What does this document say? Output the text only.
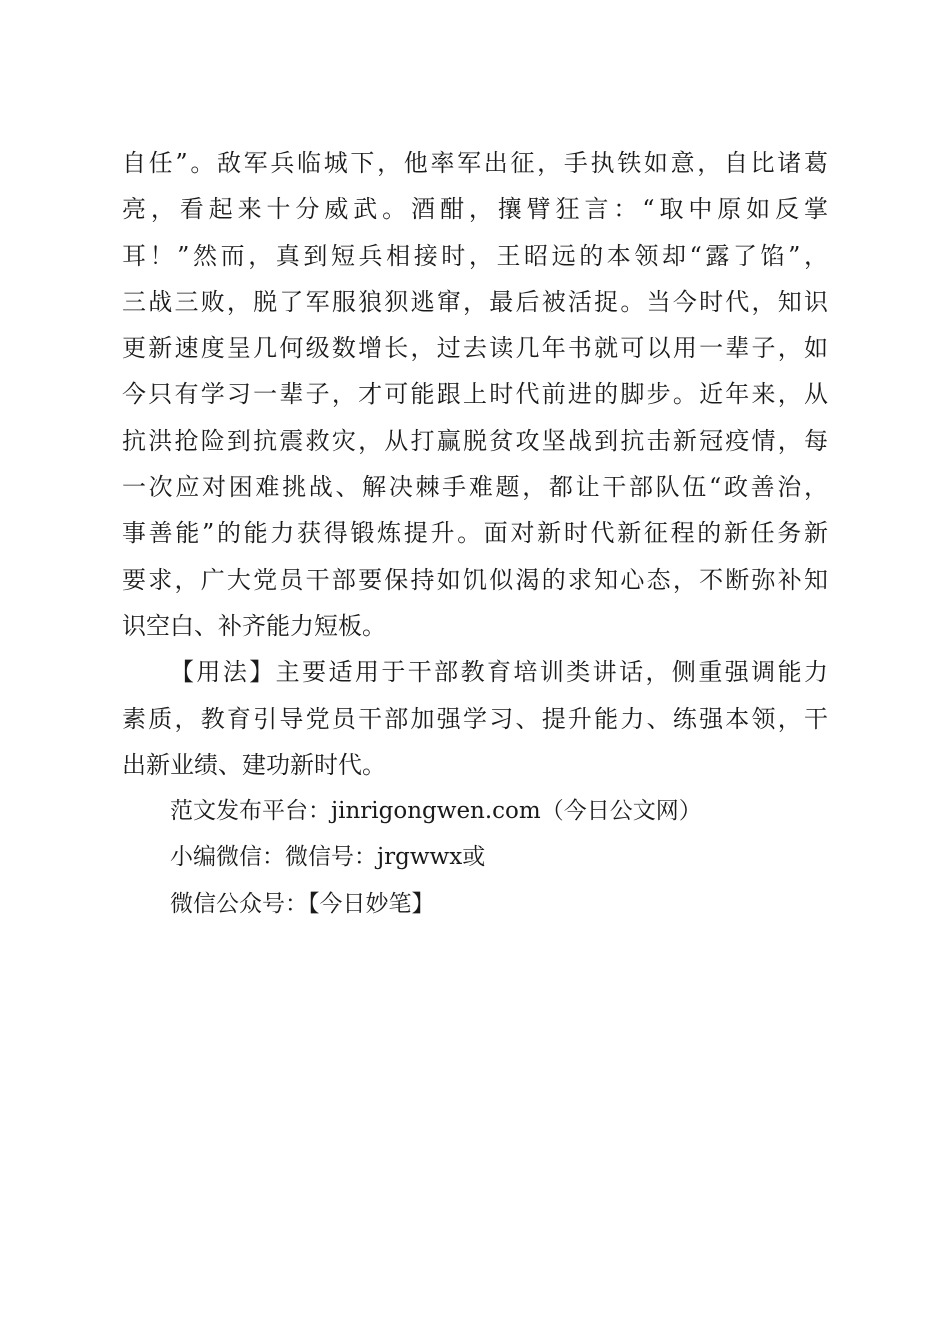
自任”。敌军兵临城下，他率军出征，手执铁如意，自比诸葛
亮，看起来十分威武。酒酣，攘臂狂言：“取中原如反掌
耳！”然而，真到短兵相接时，王昭远的本领却“露了馅”，
三战三败，脱了军服狼狈逃窜，最后被活捉。当今时代，知识
更新速度呈几何级数增长，过去读几年书就可以用一辈子，如
今只有学习一辈子，才可能跟上时代前进的脚步。近年来，从
抗洪抢险到抗震救灾，从打赢脱贫攻坚战到抗击新冠疫情，每
一次应对困难挑战、解决棘手难题，都让干部队伍“政善治，
事善能”的能力获得锻炼提升。面对新时代新征程的新任务新
要求，广大党员干部要保持如饥似渴的求知心态，不断弥补知
识空白、补齐能力短板。
【用法】主要适用于干部教育培训类讲话，侧重强调能力
素质，教育引导党员干部加强学习、提升能力、练强本领，干
出新业绩、建功新时代。
范文发布平台：jinrigongwen.com（今日公文网）
小编微信：微信号：jrgwwx或
微信公众号：【今日妙笔】
